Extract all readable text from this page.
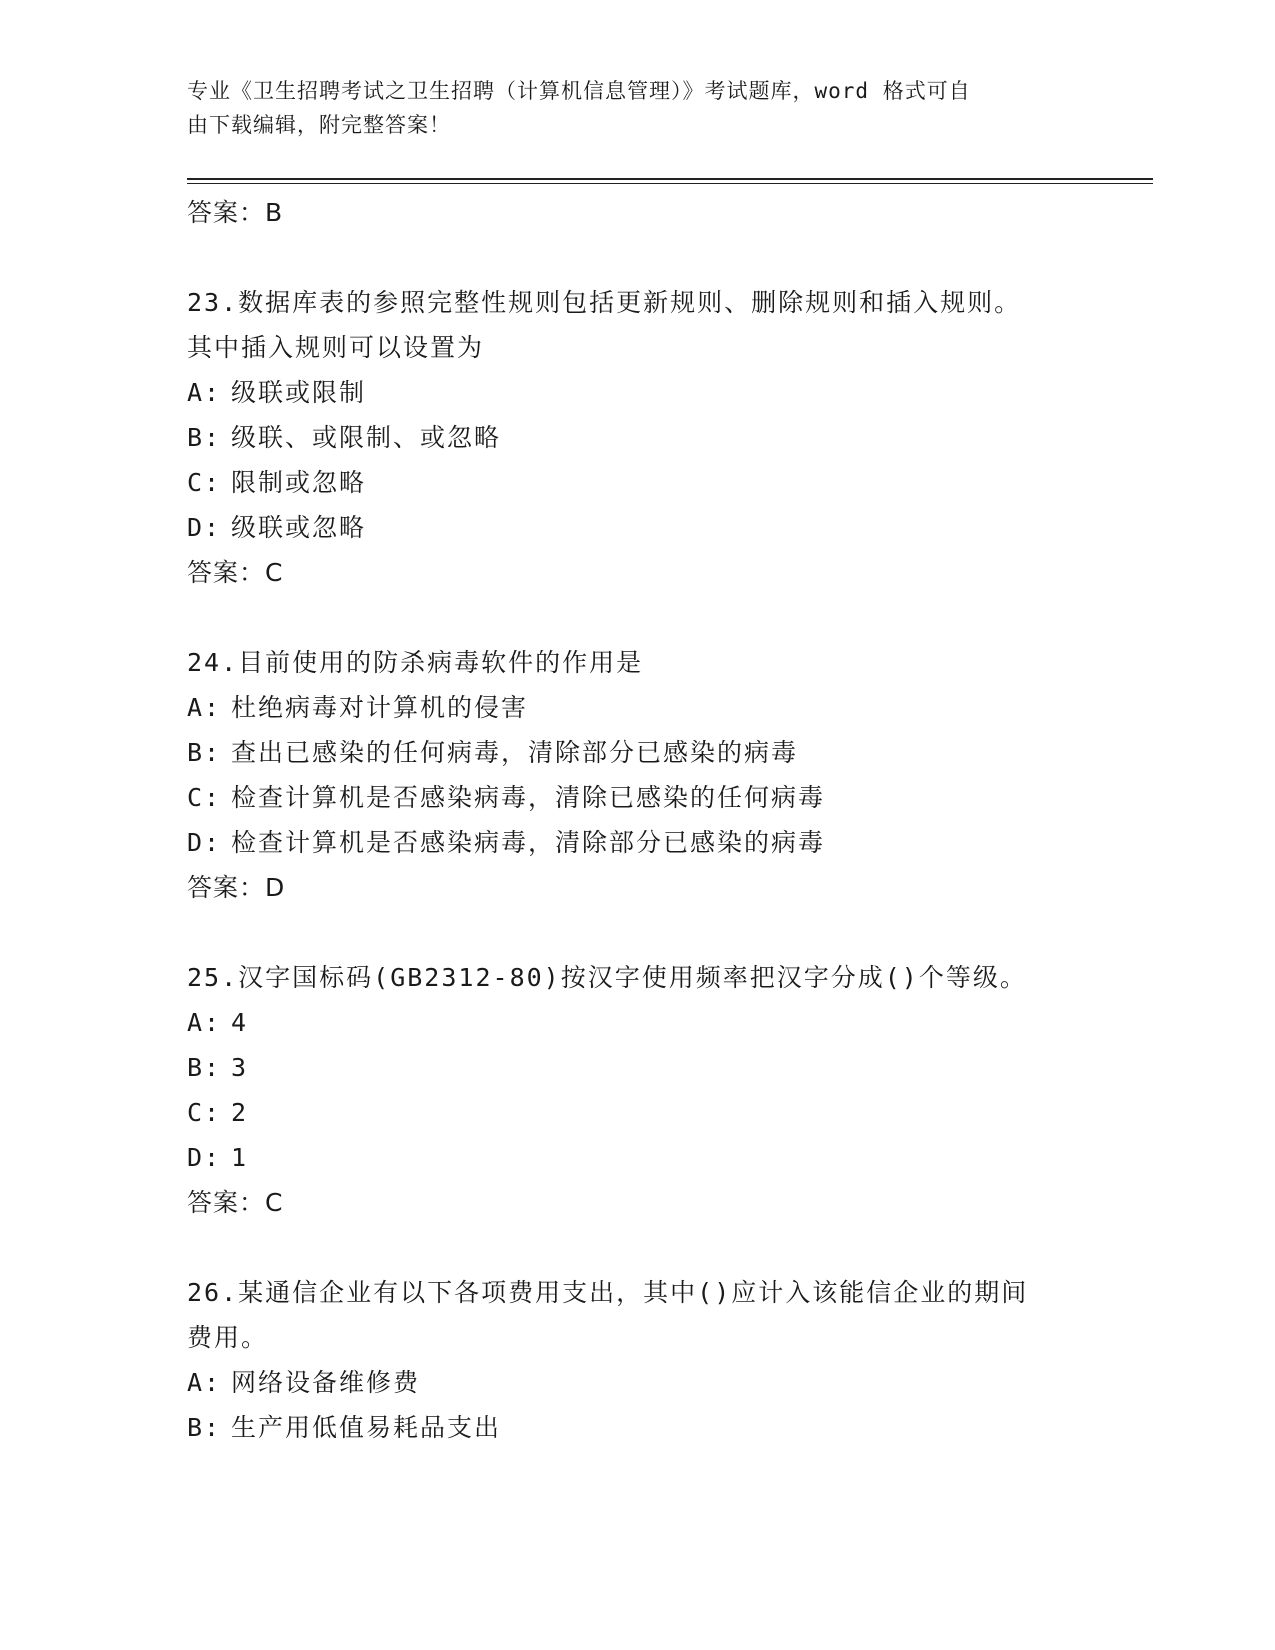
专业《卫生招聘考试之卫生招聘（计算机信息管理）》考试题库，word 格式可自
由下载编辑，附完整答案！
答案：B
23.数据库表的参照完整性规则包括更新规则、删除规则和插入规则。
其中插入规则可以设置为
A: 级联或限制
B: 级联、或限制、或忽略
C: 限制或忽略
D: 级联或忽略
答案：C
24.目前使用的防杀病毒软件的作用是
A: 杜绝病毒对计算机的侵害
B: 查出已感染的任何病毒，清除部分已感染的病毒
C: 检查计算机是否感染病毒，清除已感染的任何病毒
D: 检查计算机是否感染病毒，清除部分已感染的病毒
答案：D
25.汉字国标码(GB2312-80)按汉字使用频率把汉字分成()个等级。
A: 4
B: 3
C: 2
D: 1
答案：C
26.某通信企业有以下各项费用支出，其中()应计入该能信企业的期间
费用。
A: 网络设备维修费
B: 生产用低值易耗品支出
